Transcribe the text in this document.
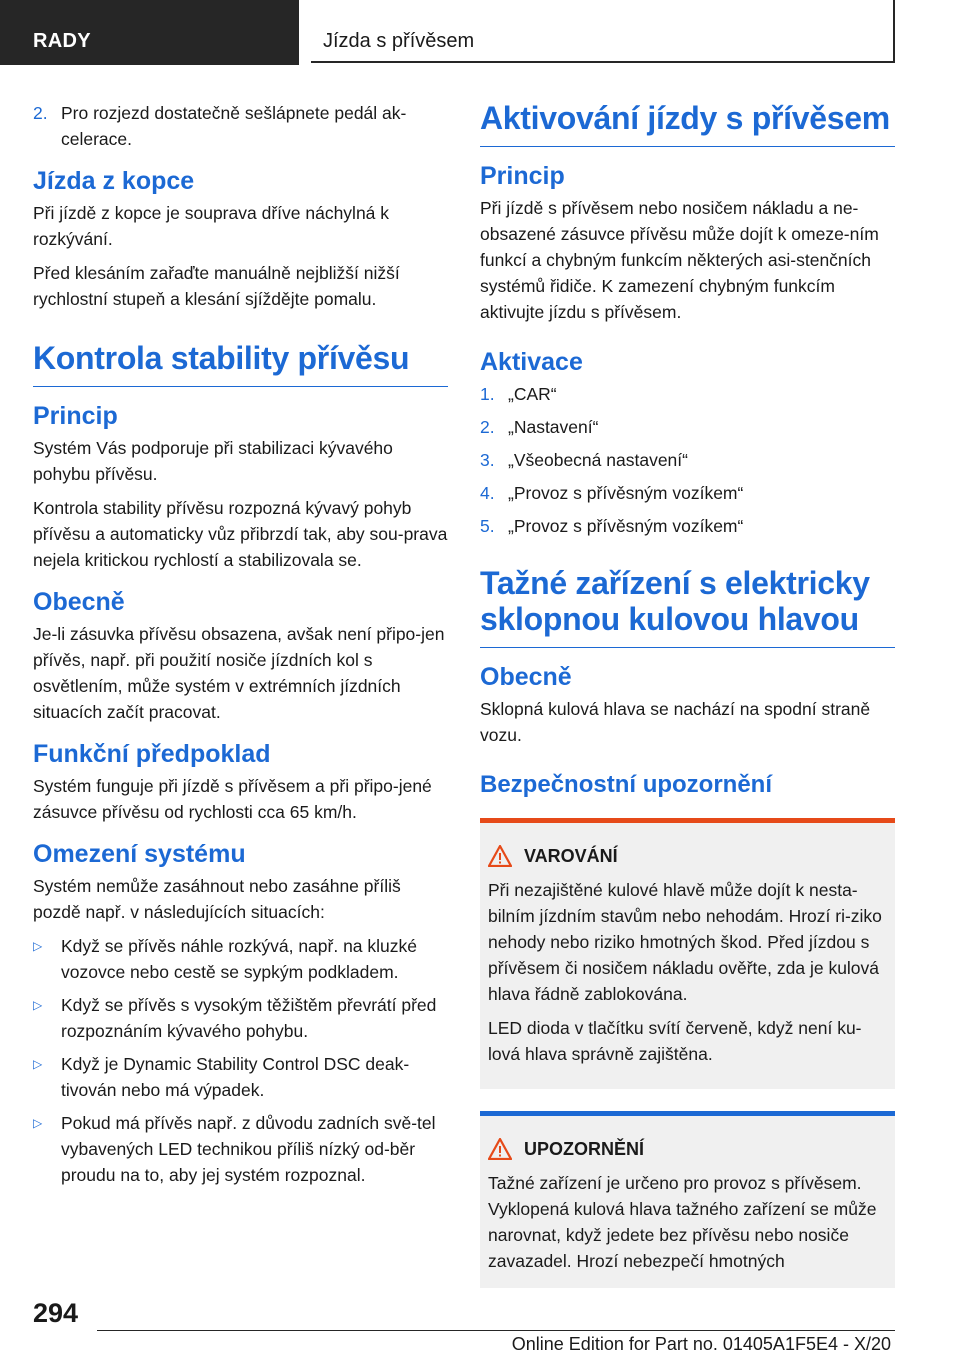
RADY	Jízda s přívěsem
2. Pro rozjezd dostatečně sešlápnete pedál ak-celerace.
Jízda z kopce

Při jízdě z kopce je souprava dříve náchylná k rozkývání.

Před klesáním zařaďte manuálně nejbližší nižší rychlostní stupeň a klesání sjíždějte pomalu.

Kontrola stability přívěsu
Princip

Systém Vás podporuje při stabilizaci kývavého pohybu přívěsu.

Kontrola stability přívěsu rozpozná kývavý pohyb přívěsu a automaticky vůz přibrzdí tak, aby sou-prava nejela kritickou rychlostí a stabilizovala se.

Obecně

Je-li zásuvka přívěsu obsazena, avšak není připo-jen přívěs, např. při použití nosiče jízdních kol s osvětlením, může systém v extrémních jízdních situacích začít pracovat.

Funkční předpoklad

Systém funguje při jízdě s přívěsem a při připo-jené zásuvce přívěsu od rychlosti cca 65 km/h.

Omezení systému

Systém nemůže zasáhnout nebo zasáhne příliš pozdě např. v následujících situacích:

▷	Když se přívěs náhle rozkývá, např. na kluzké vozovce nebo cestě se sypkým podkladem.
▷	Když se přívěs s vysokým těžištěm převrátí před rozpoznáním kývavého pohybu.
▷	Když je Dynamic Stability Control DSC deak-tivován nebo má výpadek.
▷	Pokud má přívěs např. z důvodu zadních svě-tel vybavených LED technikou příliš nízký od-běr proudu na to, aby jej systém rozpoznal.
Aktivování jízdy s přívěsem
Princip

Při jízdě s přívěsem nebo nosičem nákladu a ne-obsazené zásuvce přívěsu může dojít k omeze-ním funkcí a chybným funkcím některých asi-stenčních systémů řidiče. K zamezení chybným funkcím aktivujte jízdu s přívěsem.

Aktivace
1. „CAR“
2. „Nastavení“
3. „Všeobecná nastavení“
4. „Provoz s přívěsným vozíkem“
5. „Provoz s přívěsným vozíkem“
Tažné zařízení s elektricky sklopnou kulovou hlavou
Obecně

Sklopná kulová hlava se nachází na spodní straně vozu.

Bezpečnostní upozornění
VAROVÁNÍ

Při nezajištěné kulové hlavě může dojít k nesta-bilním jízdním stavům nebo nehodám. Hrozí ri-ziko nehody nebo riziko hmotných škod. Před jízdou s přívěsem či nosičem nákladu ověřte, zda je kulová hlava řádně zablokována.

LED dioda v tlačítku svítí červeně, když není ku-lová hlava správně zajištěna.

UPOZORNĚNÍ

Tažné zařízení je určeno pro provoz s přívěsem. Vyklopená kulová hlava tažného zařízení se může narovnat, když jedete bez přívěsu nebo nosiče zavazadel. Hrozí nebezpečí hmotných

294
Online Edition for Part no. 01405A1F5E4 - X/20
